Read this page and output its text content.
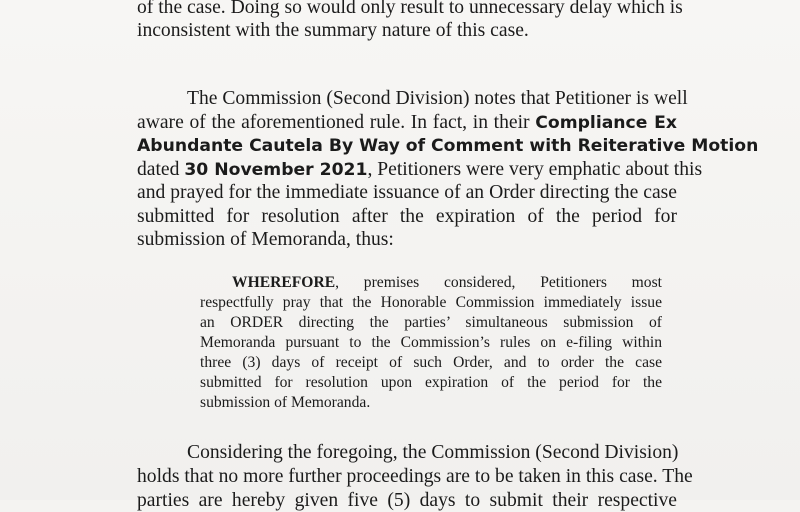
of the case. Doing so would only result to unnecessary delay which is
inconsistent with the summary nature of this case.
The Commission (Second Division) notes that Petitioner is well
aware of the aforementioned rule. In fact, in their Compliance Ex
Abundante Cautela By Way of Comment with Reiterative Motion
dated 30 November 2021, Petitioners were very emphatic about this
and prayed for the immediate issuance of an Order directing the case
submitted for resolution after the expiration of the period for
submission of Memoranda, thus:
WHEREFORE, premises considered, Petitioners most
respectfully pray that the Honorable Commission immediately issue
an ORDER directing the parties’ simultaneous submission of
Memoranda pursuant to the Commission’s rules on e-filing within
three (3) days of receipt of such Order, and to order the case
submitted for resolution upon expiration of the period for the
submission of Memoranda.
Considering the foregoing, the Commission (Second Division)
holds that no more further proceedings are to be taken in this case. The
parties are hereby given five (5) days to submit their respective
